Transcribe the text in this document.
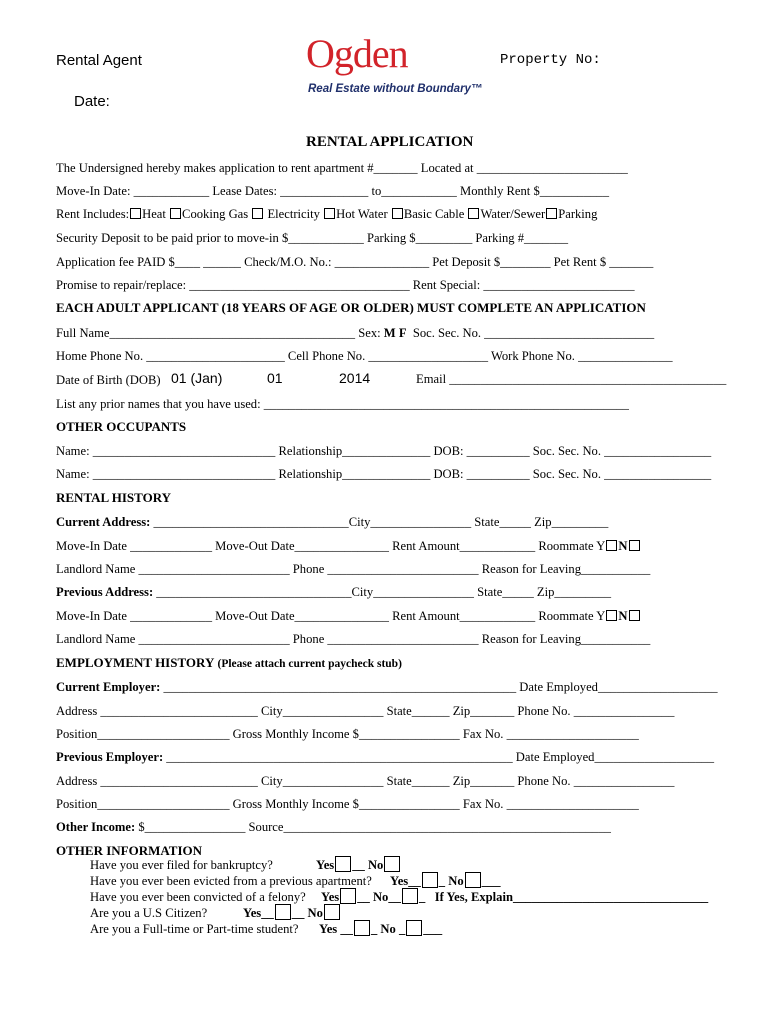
Rental Agent
Date:
Property No:
Ogden
Real Estate without Boundary™
RENTAL APPLICATION
The Undersigned hereby makes application to rent apartment #_______ Located at ________________________
Move-In Date: ____________ Lease Dates: ______________ to____________ Monthly Rent $___________
Rent Includes: Heat Cooking Gas Electricity Hot Water Basic Cable Water/Sewer Parking
Security Deposit to be paid prior to move-in $____________ Parking $_________ Parking #_______
Application fee PAID $____ ______ Check/M.O. No.: _______________ Pet Deposit $________ Pet Rent $ _______
Promise to repair/replace: ___________________________________ Rent Special: ________________________
EACH ADULT APPLICANT (18 YEARS OF AGE OR OLDER) MUST COMPLETE AN APPLICATION
Full Name_______________________________________ Sex: M F Soc. Sec. No. ___________________________
Home Phone No. ______________________ Cell Phone No. ___________________ Work Phone No. _______________
Date of Birth (DOB) 01 (Jan)	01	2014	Email ____________________________________________
List any prior names that you have used: __________________________________________________________
OTHER OCCUPANTS
Name: _____________________________ Relationship______________ DOB: __________ Soc. Sec. No. _________________
Name: _____________________________ Relationship______________ DOB: __________ Soc. Sec. No. _________________
RENTAL HISTORY
Current Address: _______________________________City________________ State_____ Zip_________
Move-In Date _____________ Move-Out Date_______________ Rent Amount____________ Roommate Y N
Landlord Name ________________________ Phone ________________________ Reason for Leaving___________
Previous Address: _______________________________City________________ State_____ Zip_________
Move-In Date _____________ Move-Out Date_______________ Rent Amount____________ Roommate Y N
Landlord Name ________________________ Phone ________________________ Reason for Leaving___________
EMPLOYMENT HISTORY (Please attach current paycheck stub)
Current Employer: ________________________________________________________ Date Employed___________________
Address _________________________ City________________ State______ Zip_______ Phone No. ________________
Position_____________________ Gross Monthly Income $________________ Fax No. _____________________
Previous Employer: _______________________________________________________ Date Employed___________________
Address _________________________ City________________ State______ Zip_______ Phone No. ________________
Position_____________________ Gross Monthly Income $________________ Fax No. _____________________
Other Income: $________________ Source____________________________________________________
OTHER INFORMATION
Have you ever filed for bankruptcy?	Yes __ No
Have you ever been evicted from a previous apartment? Yes__ _ No ___
Have you ever been convicted of a felony? Yes __ No__ _   If Yes, Explain_______________________________
Are you a U.S Citizen?	Yes__ __ No
Are you a Full-time or Part-time student? Yes __ _ No _ ___
